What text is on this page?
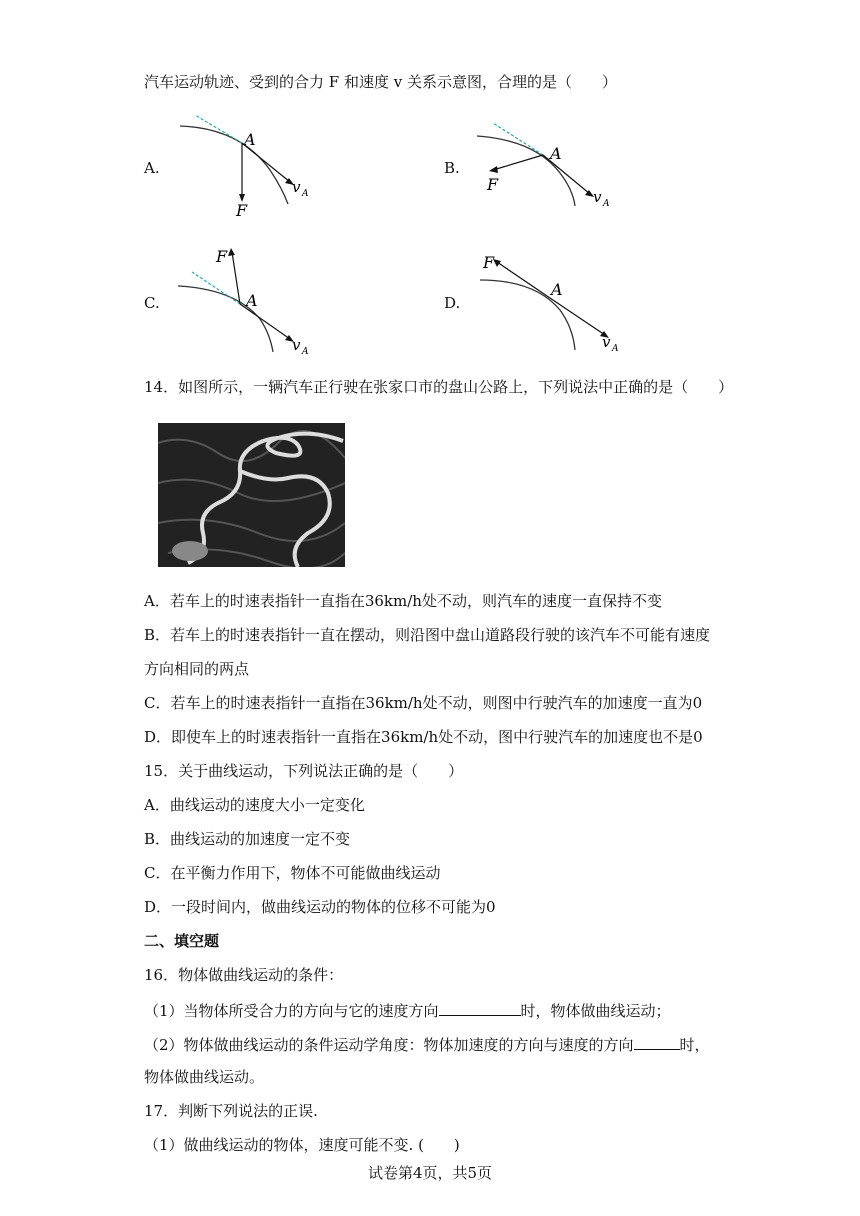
汽车运动轨迹、受到的合力 F 和速度 v 关系示意图，合理的是（　　）
A.
A
F
v A
B.
A
F
v A
C.	A
F
v A
D.
A
F
v A
14．如图所示，一辆汽车正行驶在张家口市的盘山公路上，下列说法中正确的是（　　）
A．若车上的时速表指针一直指在36km/h处不动，则汽车的速度一直保持不变
B．若车上的时速表指针一直在摆动，则沿图中盘山道路段行驶的该汽车不可能有速度
方向相同的两点
C．若车上的时速表指针一直指在36km/h处不动，则图中行驶汽车的加速度一直为0
D．即使车上的时速表指针一直指在36km/h处不动，图中行驶汽车的加速度也不是0
15．关于曲线运动，下列说法正确的是（　　）
A．曲线运动的速度大小一定变化
B．曲线运动的加速度一定不变
C．在平衡力作用下，物体不可能做曲线运动
D．一段时间内，做曲线运动的物体的位移不可能为0
二、填空题
16．物体做曲线运动的条件：
（1）当物体所受合力的方向与它的速度方向	时，物体做曲线运动；
（2）物体做曲线运动的条件运动学角度：物体加速度的方向与速度的方向	时，
物体做曲线运动。
17．判断下列说法的正误.
（1）做曲线运动的物体，速度可能不变. (　　)
试卷第4页，共5页
